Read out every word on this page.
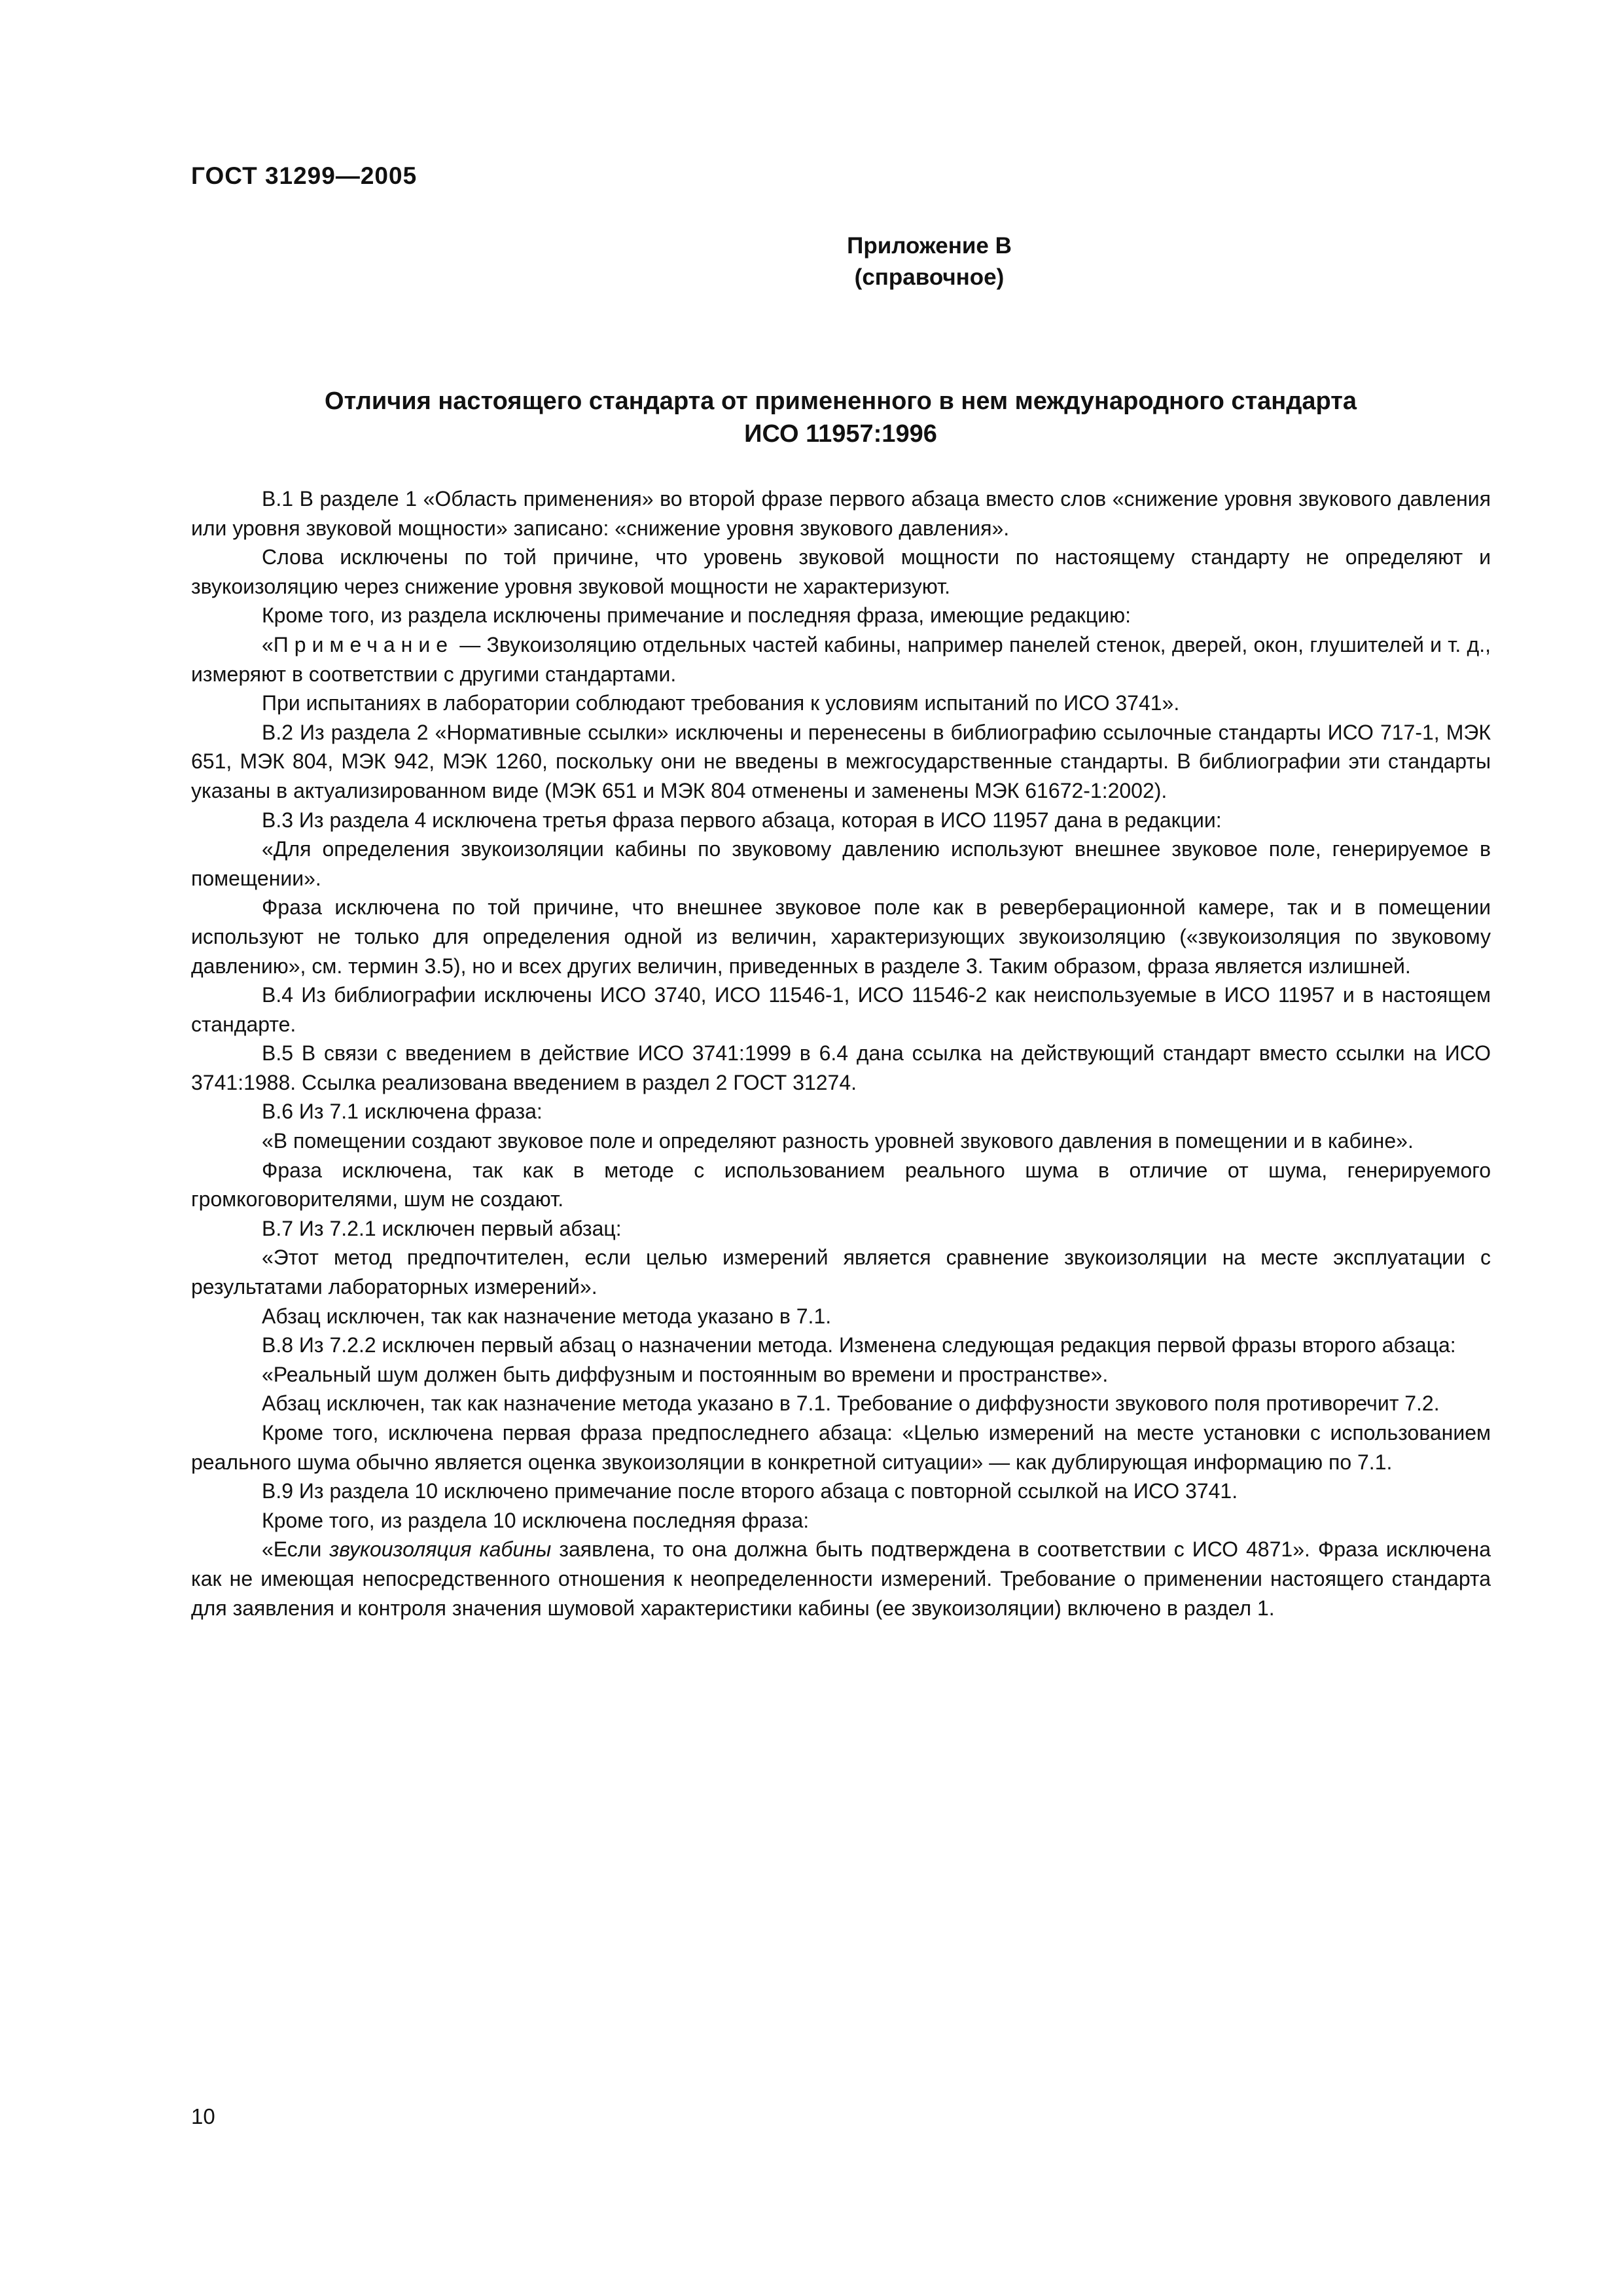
ГОСТ 31299—2005
Приложение В
(справочное)
Отличия настоящего стандарта от примененного в нем международного стандарта
ИСО 11957:1996

В.1 В разделе 1 «Область применения» во второй фразе первого абзаца вместо слов «снижение уровня звукового давления или уровня звуковой мощности» записано: «снижение уровня звукового давления».

Слова исключены по той причине, что уровень звуковой мощности по настоящему стандарту не определяют и звукоизоляцию через снижение уровня звуковой мощности не характеризуют.

Кроме того, из раздела исключены примечание и последняя фраза, имеющие редакцию:

«Примечание — Звукоизоляцию отдельных частей кабины, например панелей стенок, дверей, окон, глушителей и т. д., измеряют в соответствии с другими стандартами.

При испытаниях в лаборатории соблюдают требования к условиям испытаний по ИСО 3741».

В.2 Из раздела 2 «Нормативные ссылки» исключены и перенесены в библиографию ссылочные стандарты ИСО 717-1, МЭК 651, МЭК 804, МЭК 942, МЭК 1260, поскольку они не введены в межгосударственные стандарты. В библиографии эти стандарты указаны в актуализированном виде (МЭК 651 и МЭК 804 отменены и заменены МЭК 61672-1:2002).

В.3 Из раздела 4 исключена третья фраза первого абзаца, которая в ИСО 11957 дана в редакции:

«Для определения звукоизоляции кабины по звуковому давлению используют внешнее звуковое поле, генерируемое в помещении».

Фраза исключена по той причине, что внешнее звуковое поле как в реверберационной камере, так и в помещении используют не только для определения одной из величин, характеризующих звукоизоляцию («звукоизоляция по звуковому давлению», см. термин 3.5), но и всех других величин, приведенных в разделе 3. Таким образом, фраза является излишней.

В.4 Из библиографии исключены ИСО 3740, ИСО 11546-1, ИСО 11546-2 как неиспользуемые в ИСО 11957 и в настоящем стандарте.

В.5 В связи с введением в действие ИСО 3741:1999 в 6.4 дана ссылка на действующий стандарт вместо ссылки на ИСО 3741:1988. Ссылка реализована введением в раздел 2 ГОСТ 31274.

В.6 Из 7.1 исключена фраза:

«В помещении создают звуковое поле и определяют разность уровней звукового давления в помещении и в кабине».

Фраза исключена, так как в методе с использованием реального шума в отличие от шума, генерируемого громкоговорителями, шум не создают.

В.7 Из 7.2.1 исключен первый абзац:

«Этот метод предпочтителен, если целью измерений является сравнение звукоизоляции на месте эксплуатации с результатами лабораторных измерений».

Абзац исключен, так как назначение метода указано в 7.1.

В.8 Из 7.2.2 исключен первый абзац о назначении метода. Изменена следующая редакция первой фразы второго абзаца:

«Реальный шум должен быть диффузным и постоянным во времени и пространстве».

Абзац исключен, так как назначение метода указано в 7.1. Требование о диффузности звукового поля противоречит 7.2.

Кроме того, исключена первая фраза предпоследнего абзаца: «Целью измерений на месте установки с использованием реального шума обычно является оценка звукоизоляции в конкретной ситуации» — как дублирующая информацию по 7.1.

В.9 Из раздела 10 исключено примечание после второго абзаца с повторной ссылкой на ИСО 3741.

Кроме того, из раздела 10 исключена последняя фраза:

«Если звукоизоляция кабины заявлена, то она должна быть подтверждена в соответствии с ИСО 4871». Фраза исключена как не имеющая непосредственного отношения к неопределенности измерений. Требование о применении настоящего стандарта для заявления и контроля значения шумовой характеристики кабины (ее звукоизоляции) включено в раздел 1.

10
